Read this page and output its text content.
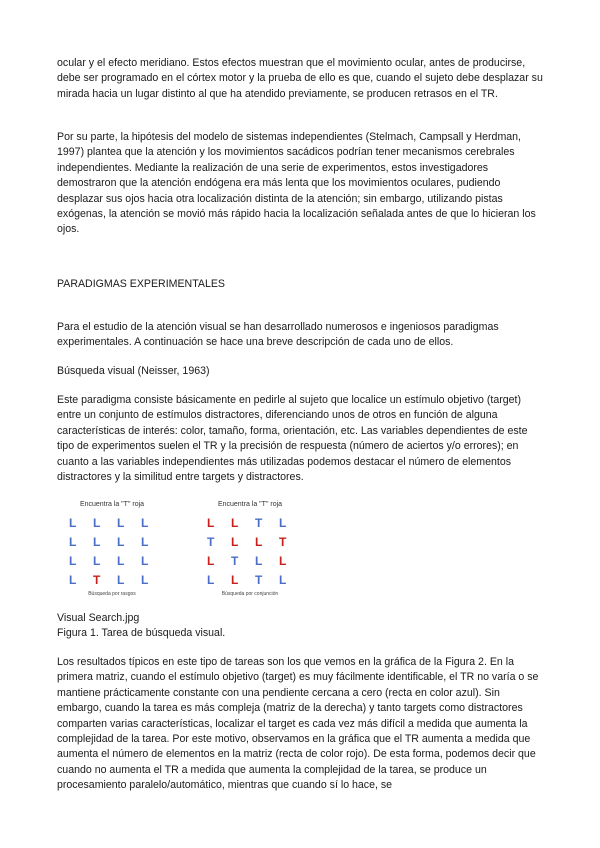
ocular y el efecto meridiano. Estos efectos muestran que el movimiento ocular, antes de producirse, debe ser programado en el córtex motor y la prueba de ello es que, cuando el sujeto debe desplazar su mirada hacia un lugar distinto al que ha atendido previamente, se producen retrasos en el TR.

Por su parte, la hipótesis del modelo de sistemas independientes (Stelmach, Campsall y Herdman, 1997) plantea que la atención y los movimientos sacádicos podrían tener mecanismos cerebrales independientes. Mediante la realización de una serie de experimentos, estos investigadores demostraron que la atención endógena era más lenta que los movimientos oculares, pudiendo desplazar sus ojos hacia otra localización distinta de la atención; sin embargo, utilizando pistas exógenas, la atención se movió más rápido hacia la localización señalada antes de que lo hicieran los ojos.

PARADIGMAS EXPERIMENTALES

Para el estudio de la atención visual se han desarrollado numerosos e ingeniosos paradigmas experimentales. A continuación se hace una breve descripción de cada uno de ellos.

Búsqueda visual (Neisser, 1963)

Este paradigma consiste básicamente en pedirle al sujeto que localice un estímulo objetivo (target) entre un conjunto de estímulos distractores, diferenciando unos de otros en función de alguna características de interés: color, tamaño, forma, orientación, etc. Las variables dependientes de este tipo de experimentos suelen el TR y la precisión de respuesta (número de aciertos y/o errores); en cuanto a las variables independientes más utilizadas podemos destacar el número de elementos distractores y la similitud entre targets y distractores.

Encuentra la "T" roja
L	L	L	L
L	L	L	L
L	L	L	L
L	T	L	L
Búsqueda por rasgos
Encuentra la "T" roja
L	L	T	L
T	L	L	T
L	T	L	L
L	L	T	L
Búsqueda por conjunción

Visual Search.jpg

Figura 1. Tarea de búsqueda visual.

Los resultados típicos en este tipo de tareas son los que vemos en la gráfica de la Figura 2. En la primera matriz, cuando el estímulo objetivo (target) es muy fácilmente identificable, el TR no varía o se mantiene prácticamente constante con una pendiente cercana a cero (recta en color azul). Sin embargo, cuando la tarea es más compleja (matriz de la derecha) y tanto targets como distractores comparten varias características, localizar el target es cada vez más difícil a medida que aumenta la complejidad de la tarea. Por este motivo, observamos en la gráfica que el TR aumenta a medida que aumenta el número de elementos en la matriz (recta de color rojo). De esta forma, podemos decir que cuando no aumenta el TR a medida que aumenta la complejidad de la tarea, se produce un procesamiento paralelo/automático, mientras que cuando sí lo hace, se
